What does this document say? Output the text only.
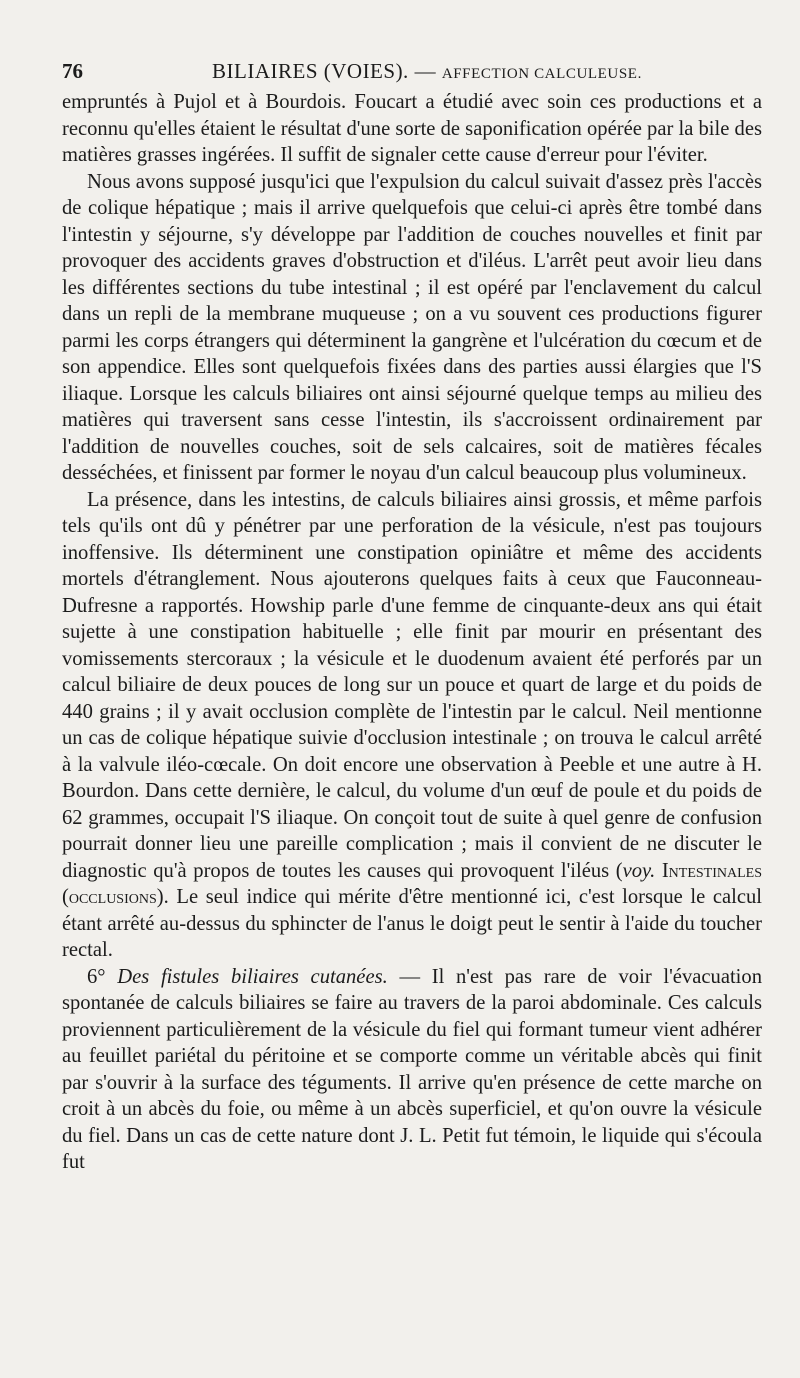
76	BILIAIRES (VOIES). — AFFECTION CALCULEUSE.

empruntés à Pujol et à Bourdois. Foucart a étudié avec soin ces productions et a reconnu qu'elles étaient le résultat d'une sorte de saponification opérée par la bile des matières grasses ingérées. Il suffit de signaler cette cause d'erreur pour l'éviter.

Nous avons supposé jusqu'ici que l'expulsion du calcul suivait d'assez près l'accès de colique hépatique ; mais il arrive quelquefois que celui-ci après être tombé dans l'intestin y séjourne, s'y développe par l'addition de couches nouvelles et finit par provoquer des accidents graves d'obstruction et d'iléus. L'arrêt peut avoir lieu dans les différentes sections du tube intestinal ; il est opéré par l'enclavement du calcul dans un repli de la membrane muqueuse ; on a vu souvent ces productions figurer parmi les corps étrangers qui déterminent la gangrène et l'ulcération du cœcum et de son appendice. Elles sont quelquefois fixées dans des parties aussi élargies que l'S iliaque. Lorsque les calculs biliaires ont ainsi séjourné quelque temps au milieu des matières qui traversent sans cesse l'intestin, ils s'accroissent ordinairement par l'addition de nouvelles couches, soit de sels calcaires, soit de matières fécales desséchées, et finissent par former le noyau d'un calcul beaucoup plus volumineux.

La présence, dans les intestins, de calculs biliaires ainsi grossis, et même parfois tels qu'ils ont dû y pénétrer par une perforation de la vésicule, n'est pas toujours inoffensive. Ils déterminent une constipation opiniâtre et même des accidents mortels d'étranglement. Nous ajouterons quelques faits à ceux que Fauconneau-Dufresne a rapportés. Howship parle d'une femme de cinquante-deux ans qui était sujette à une constipation habituelle ; elle finit par mourir en présentant des vomissements stercoraux ; la vésicule et le duodenum avaient été perforés par un calcul biliaire de deux pouces de long sur un pouce et quart de large et du poids de 440 grains ; il y avait occlusion complète de l'intestin par le calcul. Neil mentionne un cas de colique hépatique suivie d'occlusion intestinale ; on trouva le calcul arrêté à la valvule iléo-cœcale. On doit encore une observation à Peeble et une autre à H. Bourdon. Dans cette dernière, le calcul, du volume d'un œuf de poule et du poids de 62 grammes, occupait l'S iliaque. On conçoit tout de suite à quel genre de confusion pourrait donner lieu une pareille complication ; mais il convient de ne discuter le diagnostic qu'à propos de toutes les causes qui provoquent l'iléus (voy. Intestinales (occlusions). Le seul indice qui mérite d'être mentionné ici, c'est lorsque le calcul étant arrêté au-dessus du sphincter de l'anus le doigt peut le sentir à l'aide du toucher rectal.

6° Des fistules biliaires cutanées. — Il n'est pas rare de voir l'évacuation spontanée de calculs biliaires se faire au travers de la paroi abdominale. Ces calculs proviennent particulièrement de la vésicule du fiel qui formant tumeur vient adhérer au feuillet pariétal du péritoine et se comporte comme un véritable abcès qui finit par s'ouvrir à la surface des téguments. Il arrive qu'en présence de cette marche on croit à un abcès du foie, ou même à un abcès superficiel, et qu'on ouvre la vésicule du fiel. Dans un cas de cette nature dont J. L. Petit fut témoin, le liquide qui s'écoula fut
